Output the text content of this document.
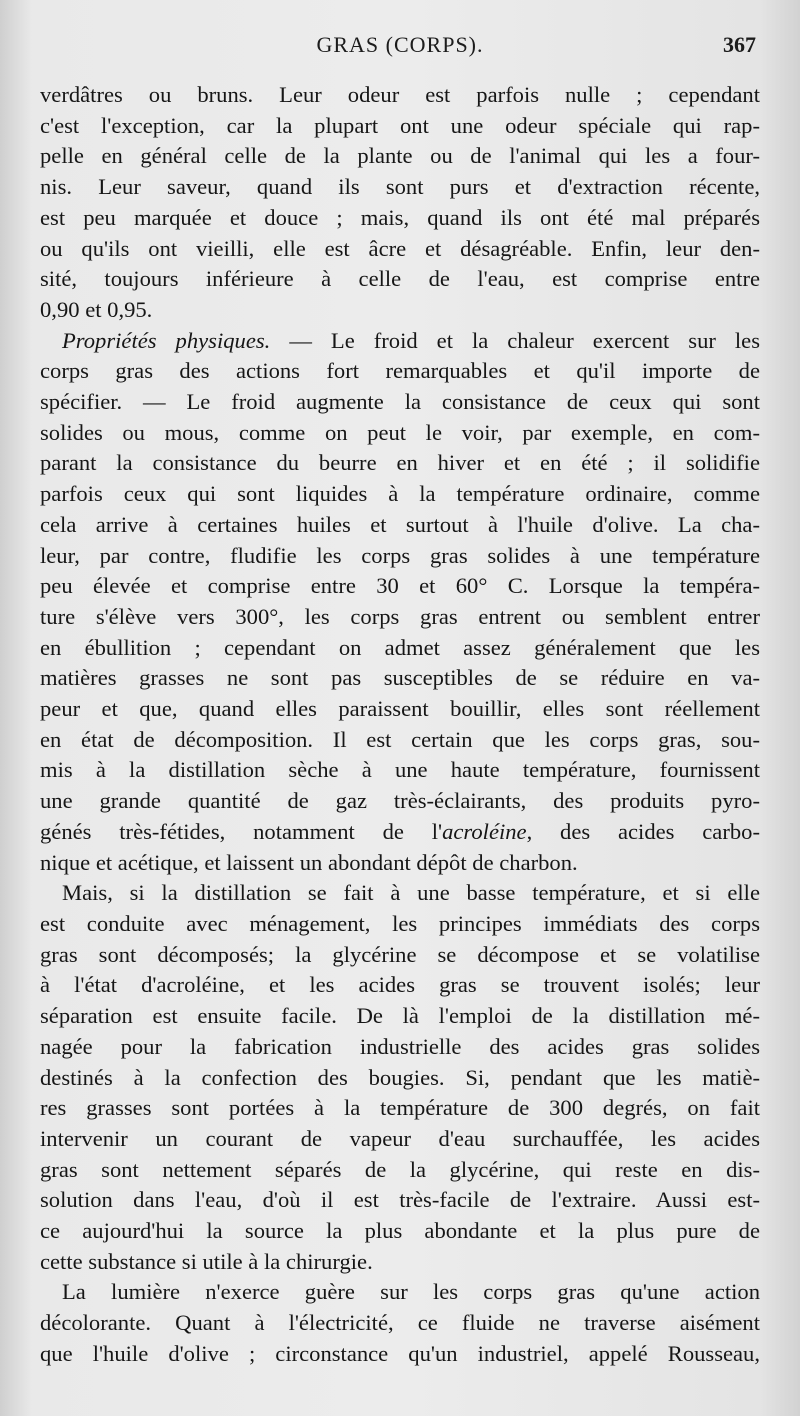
GRAS (CORPS).	367
verdâtres ou bruns. Leur odeur est parfois nulle ; cependant
c'est l'exception, car la plupart ont une odeur spéciale qui rap-
pelle en général celle de la plante ou de l'animal qui les a four-
nis. Leur saveur, quand ils sont purs et d'extraction récente,
est peu marquée et douce ; mais, quand ils ont été mal préparés
ou qu'ils ont vieilli, elle est âcre et désagréable. Enfin, leur den-
sité, toujours inférieure à celle de l'eau, est comprise entre
0,90 et 0,95.
Propriétés physiques. — Le froid et la chaleur exercent sur les
corps gras des actions fort remarquables et qu'il importe de
spécifier. — Le froid augmente la consistance de ceux qui sont
solides ou mous, comme on peut le voir, par exemple, en com-
parant la consistance du beurre en hiver et en été ; il solidifie
parfois ceux qui sont liquides à la température ordinaire, comme
cela arrive à certaines huiles et surtout à l'huile d'olive. La cha-
leur, par contre, fludifie les corps gras solides à une température
peu élevée et comprise entre 30 et 60° C. Lorsque la tempéra-
ture s'élève vers 300°, les corps gras entrent ou semblent entrer
en ébullition ; cependant on admet assez généralement que les
matières grasses ne sont pas susceptibles de se réduire en va-
peur et que, quand elles paraissent bouillir, elles sont réellement
en état de décomposition. Il est certain que les corps gras, sou-
mis à la distillation sèche à une haute température, fournissent
une grande quantité de gaz très-éclairants, des produits pyro-
génés très-fétides, notamment de l'acroléine, des acides carbo-
nique et acétique, et laissent un abondant dépôt de charbon.
Mais, si la distillation se fait à une basse température, et si elle
est conduite avec ménagement, les principes immédiats des corps
gras sont décomposés; la glycérine se décompose et se volatilise
à l'état d'acroléine, et les acides gras se trouvent isolés; leur
séparation est ensuite facile. De là l'emploi de la distillation mé-
nagée pour la fabrication industrielle des acides gras solides
destinés à la confection des bougies. Si, pendant que les matiè-
res grasses sont portées à la température de 300 degrés, on fait
intervenir un courant de vapeur d'eau surchauffée, les acides
gras sont nettement séparés de la glycérine, qui reste en dis-
solution dans l'eau, d'où il est très-facile de l'extraire. Aussi est-
ce aujourd'hui la source la plus abondante et la plus pure de
cette substance si utile à la chirurgie.
La lumière n'exerce guère sur les corps gras qu'une action
décolorante. Quant à l'électricité, ce fluide ne traverse aisément
que l'huile d'olive ; circonstance qu'un industriel, appelé Rousseau,
